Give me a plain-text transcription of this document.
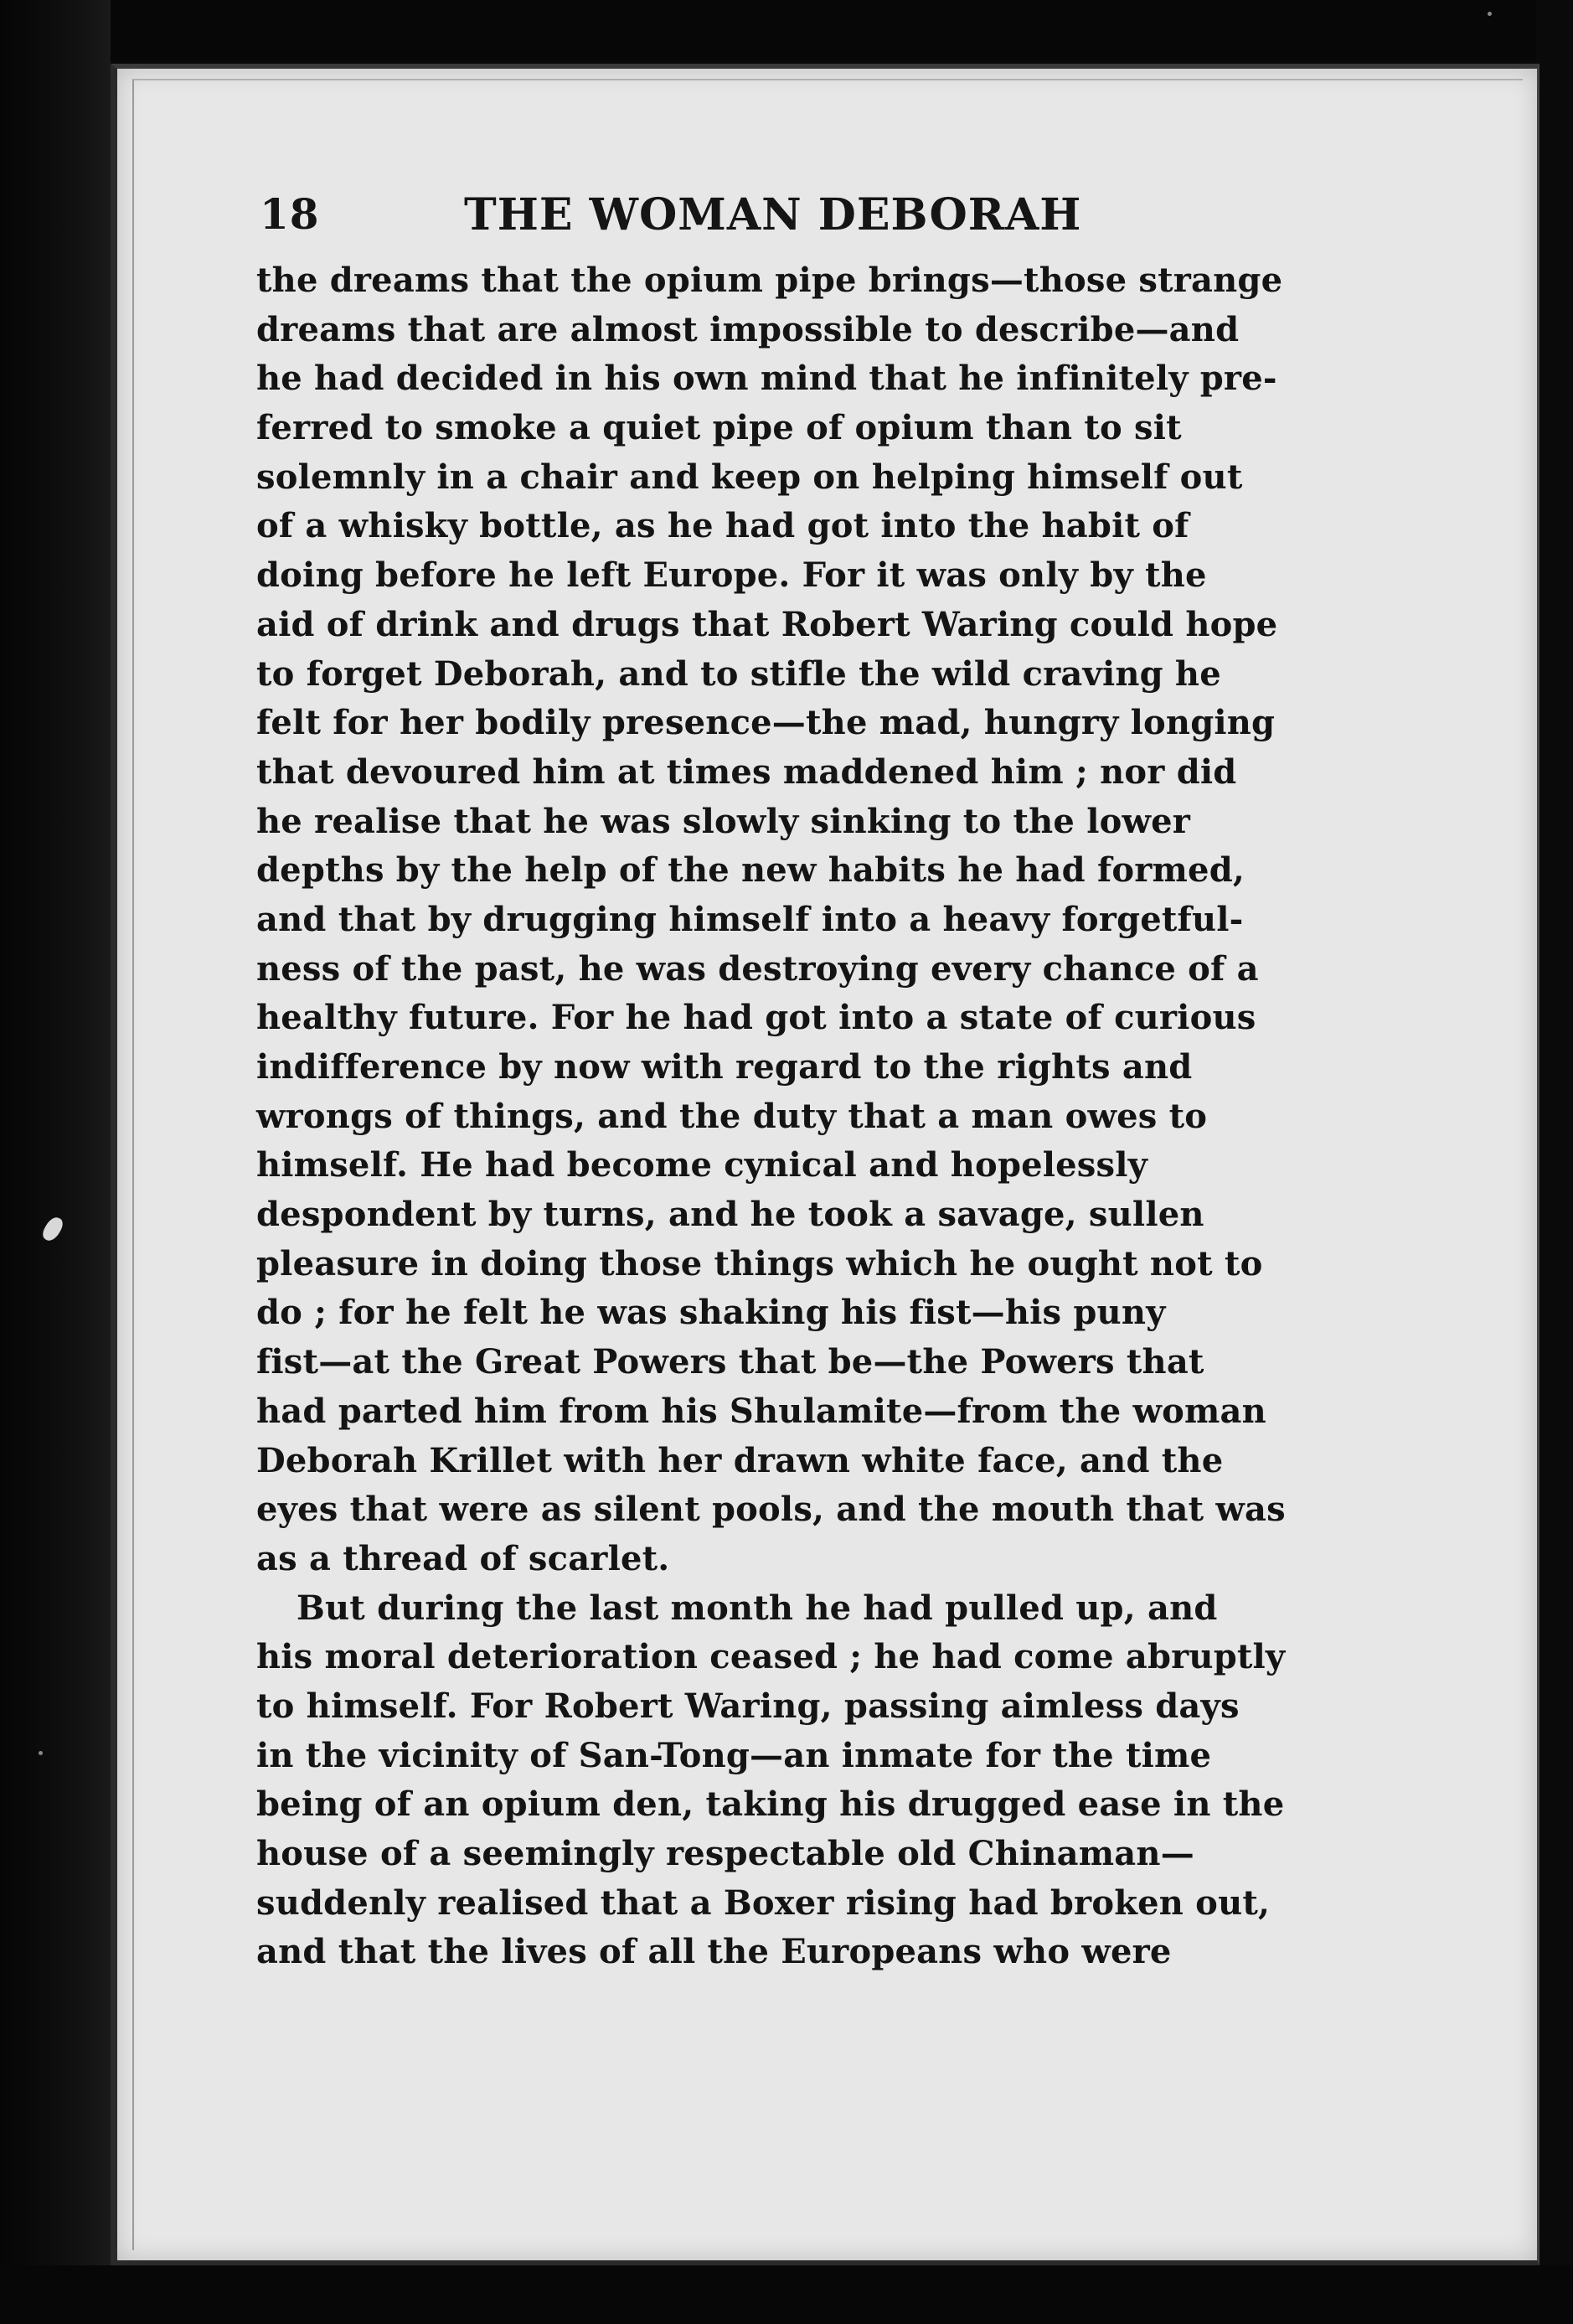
18	THE WOMAN DEBORAH
the dreams that the opium pipe brings—those strange
dreams that are almost impossible to describe—and
he had decided in his own mind that he infinitely pre-
ferred to smoke a quiet pipe of opium than to sit
solemnly in a chair and keep on helping himself out
of a whisky bottle, as he had got into the habit of
doing before he left Europe. For it was only by the
aid of drink and drugs that Robert Waring could hope
to forget Deborah, and to stifle the wild craving he
felt for her bodily presence—the mad, hungry longing
that devoured him at times maddened him ; nor did
he realise that he was slowly sinking to the lower
depths by the help of the new habits he had formed,
and that by drugging himself into a heavy forgetful-
ness of the past, he was destroying every chance of a
healthy future. For he had got into a state of curious
indifference by now with regard to the rights and
wrongs of things, and the duty that a man owes to
himself. He had become cynical and hopelessly
despondent by turns, and he took a savage, sullen
pleasure in doing those things which he ought not to
do ; for he felt he was shaking his fist—his puny
fist—at the Great Powers that be—the Powers that
had parted him from his Shulamite—from the woman
Deborah Krillet with her drawn white face, and the
eyes that were as silent pools, and the mouth that was
as a thread of scarlet.
But during the last month he had pulled up, and
his moral deterioration ceased ; he had come abruptly
to himself. For Robert Waring, passing aimless days
in the vicinity of San-Tong—an inmate for the time
being of an opium den, taking his drugged ease in the
house of a seemingly respectable old Chinaman—
suddenly realised that a Boxer rising had broken out,
and that the lives of all the Europeans who were
